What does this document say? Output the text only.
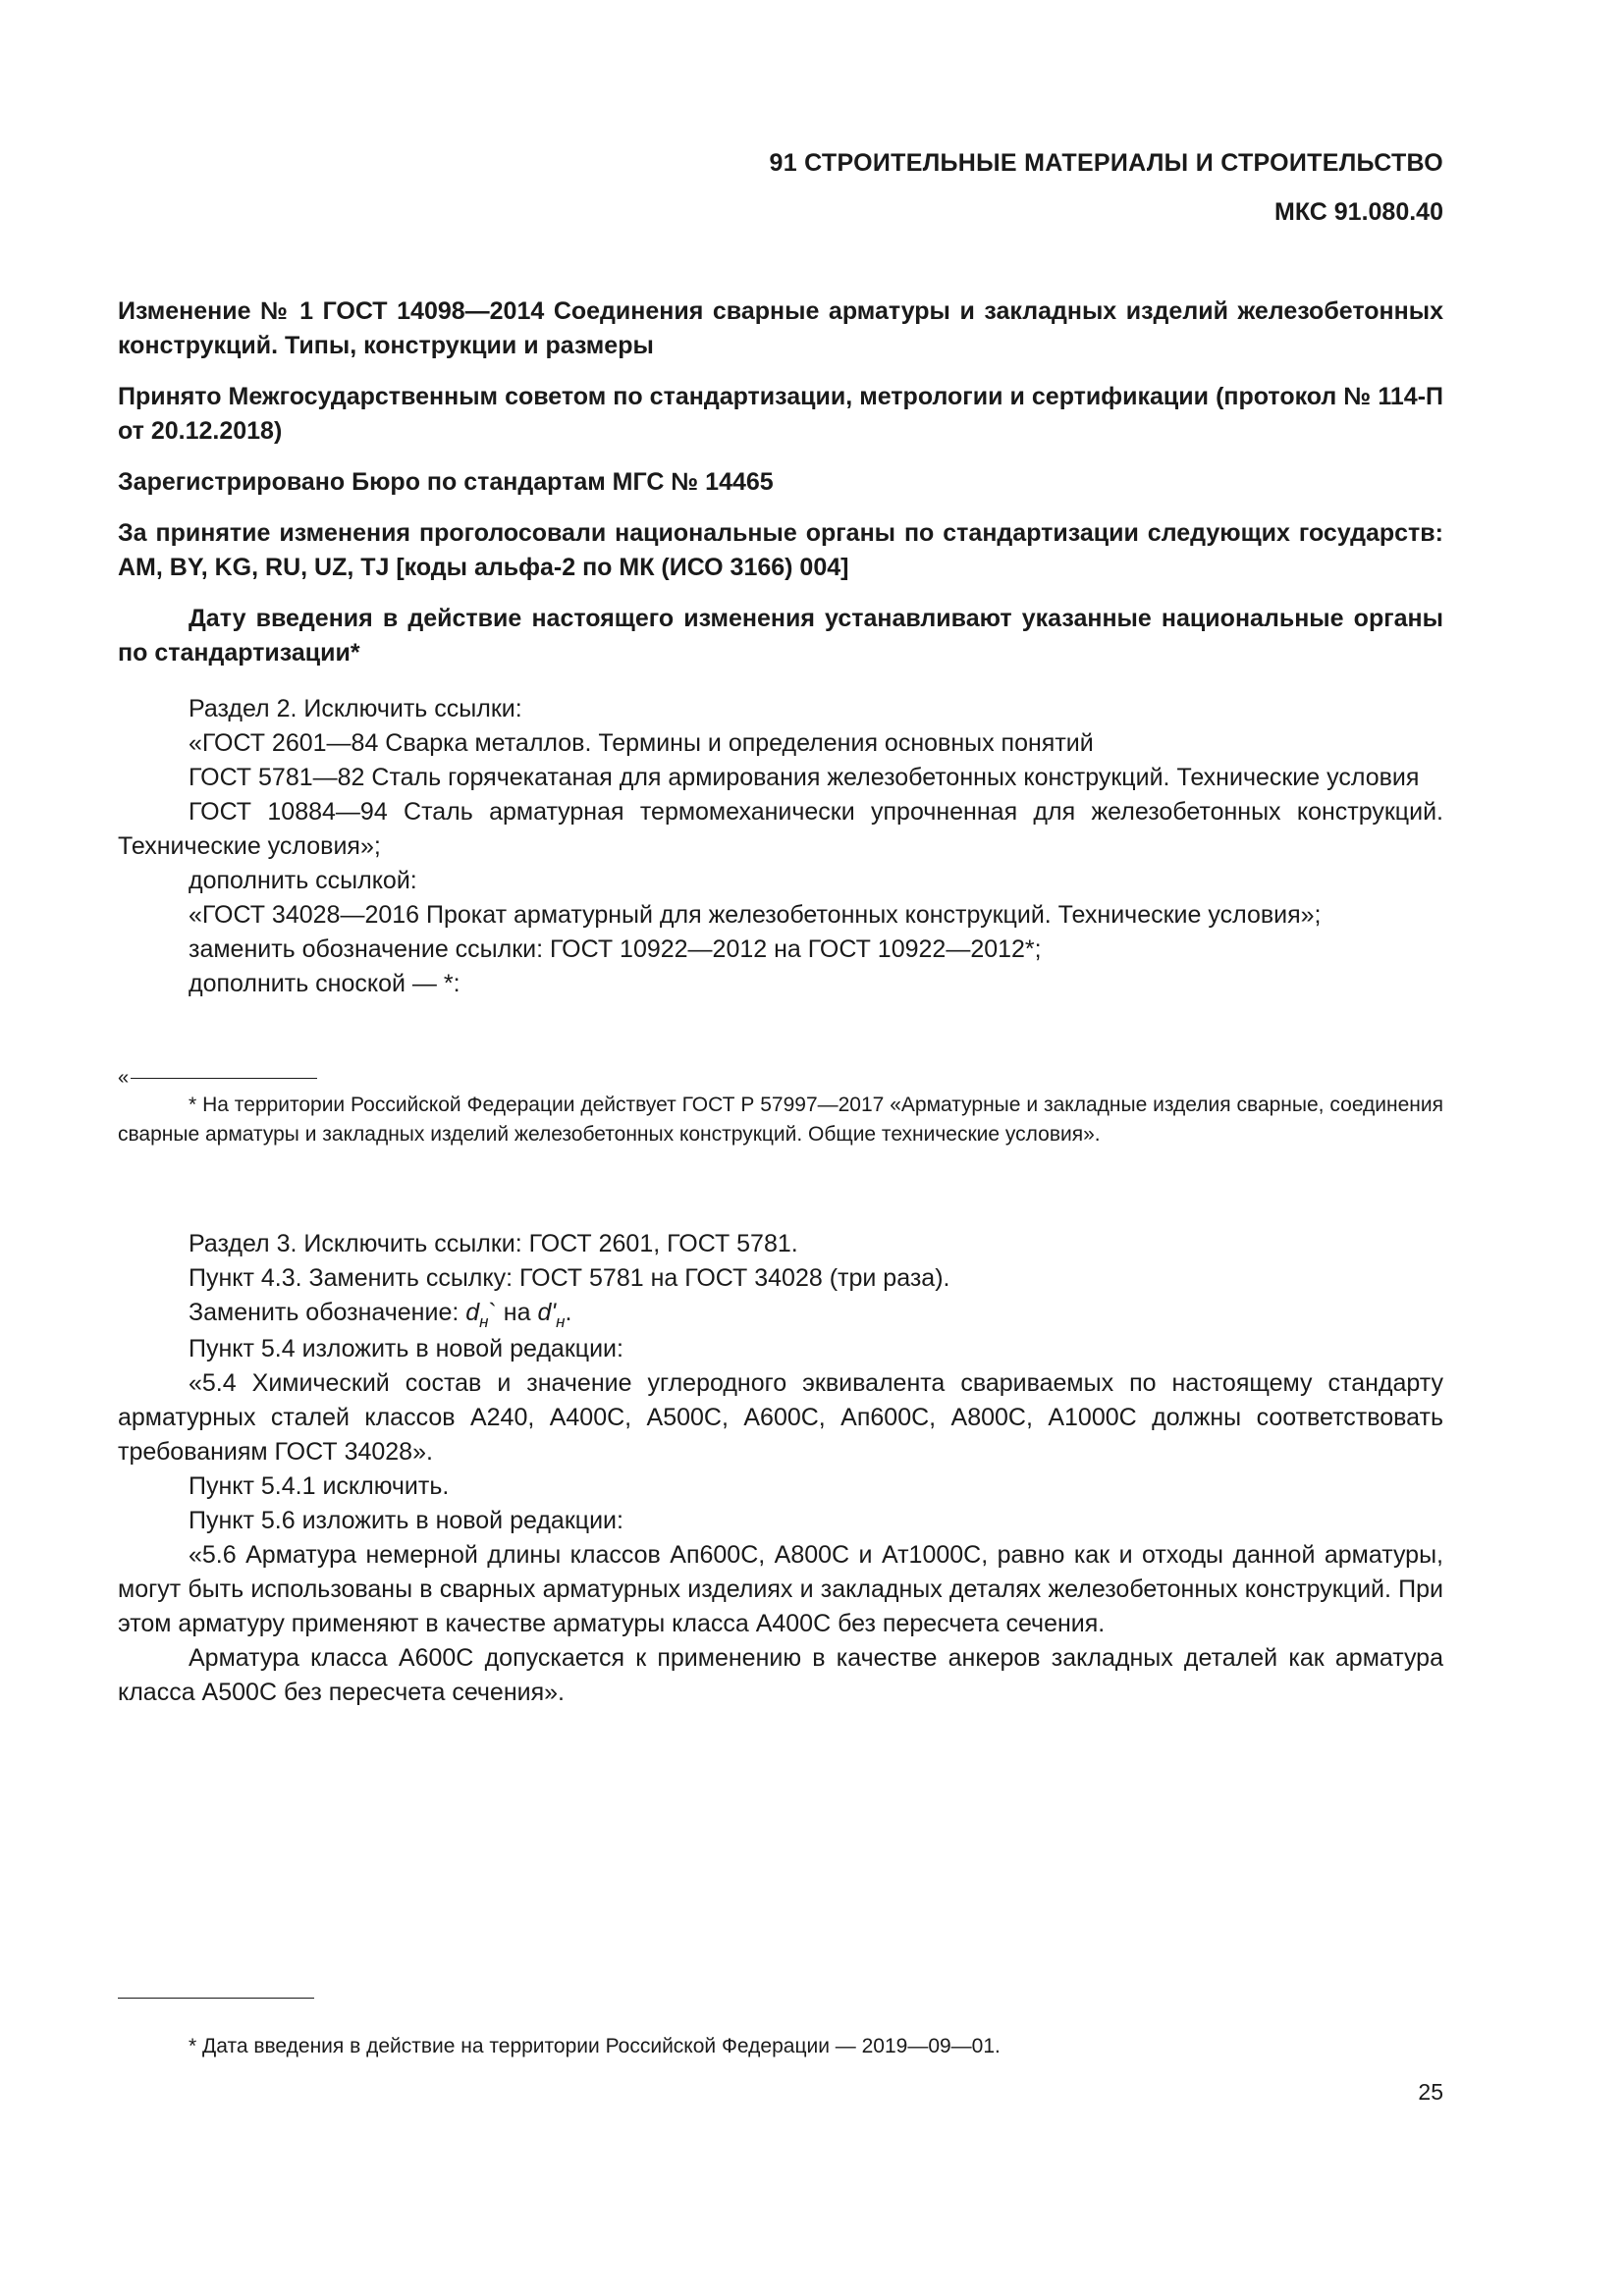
91 СТРОИТЕЛЬНЫЕ МАТЕРИАЛЫ И СТРОИТЕЛЬСТВО
МКС 91.080.40

Изменение № 1 ГОСТ 14098—2014 Соединения сварные арматуры и закладных изделий железобетонных конструкций. Типы, конструкции и размеры

Принято Межгосударственным советом по стандартизации, метрологии и сертификации (протокол № 114-П от 20.12.2018)

Зарегистрировано Бюро по стандартам МГС № 14465

За принятие изменения проголосовали национальные органы по стандартизации следующих государств: AM, BY, KG, RU, UZ, TJ [коды альфа-2 по МК (ИСО 3166) 004]

Дату введения в действие настоящего изменения устанавливают указанные национальные органы по стандартизации*

Раздел 2. Исключить ссылки:

«ГОСТ 2601—84 Сварка металлов. Термины и определения основных понятий

ГОСТ 5781—82 Сталь горячекатаная для армирования железобетонных конструкций. Технические условия

ГОСТ 10884—94 Сталь арматурная термомеханически упрочненная для железобетонных конструкций. Технические условия»;

дополнить ссылкой:

«ГОСТ 34028—2016 Прокат арматурный для железобетонных конструкций. Технические условия»;

заменить обозначение ссылки: ГОСТ 10922—2012 на ГОСТ 10922—2012*;

дополнить сноской — *:

«

* На территории Российской Федерации действует ГОСТ Р 57997—2017 «Арматурные и закладные изделия сварные, соединения сварные арматуры и закладных изделий железобетонных конструкций. Общие технические условия».

Раздел 3. Исключить ссылки: ГОСТ 2601, ГОСТ 5781.

Пункт 4.3. Заменить ссылку: ГОСТ 5781 на ГОСТ 34028 (три раза).

Заменить обозначение: $d_н`$ на $d'_н$.

Пункт 5.4 изложить в новой редакции:

«5.4 Химический состав и значение углеродного эквивалента свариваемых по настоящему стандарту арматурных сталей классов А240, А400С, А500С, А600С, Ап600С, А800С, А1000С должны соответствовать требованиям ГОСТ 34028».

Пункт 5.4.1 исключить.

Пункт 5.6 изложить в новой редакции:

«5.6 Арматура немерной длины классов Ап600С, А800С и Ат1000С, равно как и отходы данной арматуры, могут быть использованы в сварных арматурных изделиях и закладных деталях железобетонных конструкций. При этом арматуру применяют в качестве арматуры класса А400С без пересчета сечения.

Арматура класса А600С допускается к применению в качестве анкеров закладных деталей как арматура класса А500С без пересчета сечения».

* Дата введения в действие на территории Российской Федерации — 2019—09—01.
25
